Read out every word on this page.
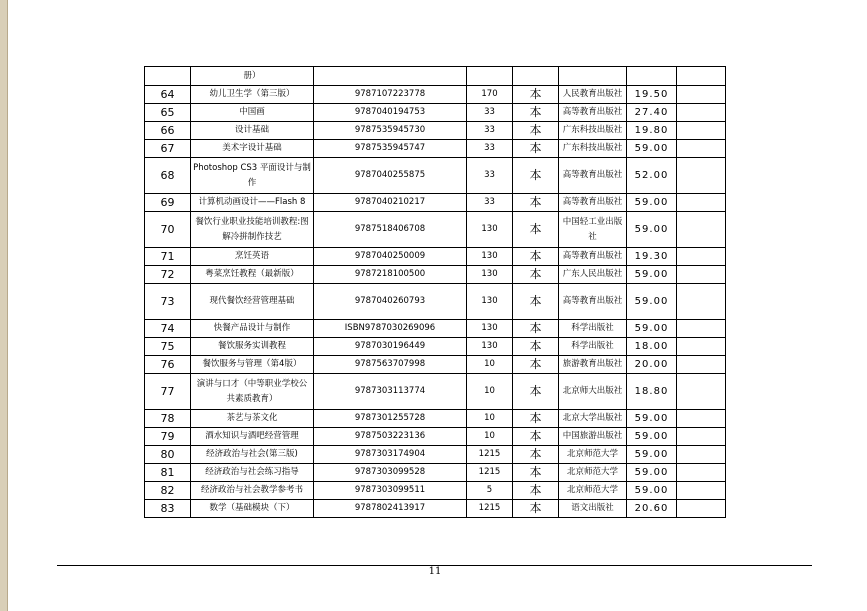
	册）						
64	幼儿卫生学（第三版）	9787107223778	170	本	人民教育出版社	19.50	
65	中国画	9787040194753	33	本	高等教育出版社	27.40	
66	设计基础	9787535945730	33	本	广东科技出版社	19.80	
67	美术字设计基础	9787535945747	33	本	广东科技出版社	59.00	
68	Photoshop CS3 平面设计与制作	9787040255875	33	本	高等教育出版社	52.00	
69	计算机动画设计——Flash 8	9787040210217	33	本	高等教育出版社	59.00	
70	餐饮行业职业技能培训教程:图解冷拼制作技艺	9787518406708	130	本	中国轻工业出版社	59.00	
71	烹饪英语	9787040250009	130	本	高等教育出版社	19.30	
72	粤菜烹饪教程（最新版）	9787218100500	130	本	广东人民出版社	59.00	
73	现代餐饮经营管理基础	9787040260793	130	本	高等教育出版社	59.00	
74	快餐产品设计与制作	ISBN9787030269096	130	本	科学出版社	59.00	
75	餐饮服务实训教程	9787030196449	130	本	科学出版社	18.00	
76	餐饮服务与管理（第4版）	9787563707998	10	本	旅游教育出版社	20.00	
77	演讲与口才（中等职业学校公共素质教育）	9787303113774	10	本	北京师大出版社	18.80	
78	茶艺与茶文化	9787301255728	10	本	北京大学出版社	59.00	
79	酒水知识与酒吧经营管理	9787503223136	10	本	中国旅游出版社	59.00	
80	经济政治与社会(第三版)	9787303174904	1215	本	北京师范大学	59.00	
81	经济政治与社会练习指导	9787303099528	1215	本	北京师范大学	59.00	
82	经济政治与社会教学参考书	9787303099511	5	本	北京师范大学	59.00	
83	数学（基础模块（下）	9787802413917	1215	本	语文出版社	20.60	
11
